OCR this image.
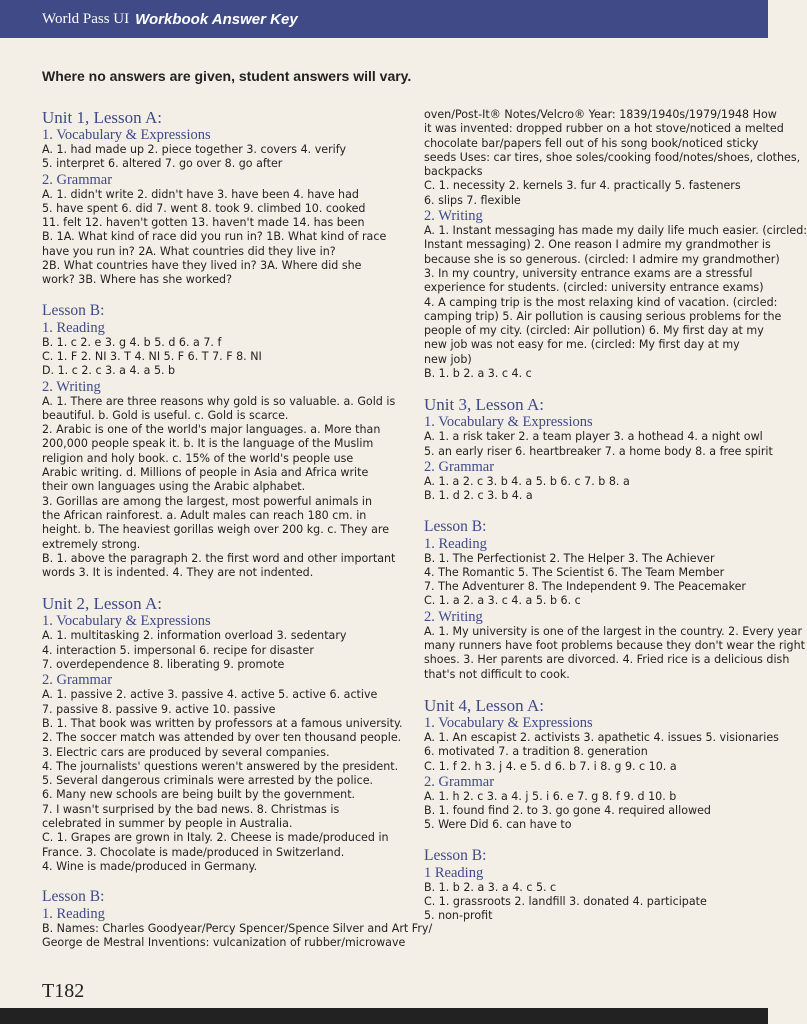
World Pass UI Workbook Answer Key
Where no answers are given, student answers will vary.
Unit 1, Lesson A:
1. Vocabulary & Expressions
A. 1. had made up 2. piece together 3. covers 4. verify
5. interpret 6. altered 7. go over 8. go after
2. Grammar
A. 1. didn't write 2. didn't have 3. have been 4. have had
5. have spent 6. did 7. went 8. took 9. climbed 10. cooked
11. felt 12. haven't gotten 13. haven't made 14. has been
B. 1A. What kind of race did you run in? 1B. What kind of race
have you run in? 2A. What countries did they live in?
2B. What countries have they lived in? 3A. Where did she
work? 3B. Where has she worked?
Lesson B:
1. Reading
B. 1. c 2. e 3. g 4. b 5. d 6. a 7. f
C. 1. F 2. NI 3. T 4. NI 5. F 6. T 7. F 8. NI
D. 1. c 2. c 3. a 4. a 5. b
2. Writing
A. 1. There are three reasons why gold is so valuable. a. Gold is
beautiful. b. Gold is useful. c. Gold is scarce.
2. Arabic is one of the world's major languages. a. More than
200,000 people speak it. b. It is the language of the Muslim
religion and holy book. c. 15% of the world's people use
Arabic writing. d. Millions of people in Asia and Africa write
their own languages using the Arabic alphabet.
3. Gorillas are among the largest, most powerful animals in
the African rainforest. a. Adult males can reach 180 cm. in
height. b. The heaviest gorillas weigh over 200 kg. c. They are
extremely strong.
B. 1. above the paragraph 2. the first word and other important
words 3. It is indented. 4. They are not indented.
Unit 2, Lesson A:
1. Vocabulary & Expressions
A. 1. multitasking 2. information overload 3. sedentary
4. interaction 5. impersonal 6. recipe for disaster
7. overdependence 8. liberating 9. promote
2. Grammar
A. 1. passive 2. active 3. passive 4. active 5. active 6. active
7. passive 8. passive 9. active 10. passive
B. 1. That book was written by professors at a famous university.
2. The soccer match was attended by over ten thousand people.
3. Electric cars are produced by several companies.
4. The journalists' questions weren't answered by the president.
5. Several dangerous criminals were arrested by the police.
6. Many new schools are being built by the government.
7. I wasn't surprised by the bad news. 8. Christmas is
celebrated in summer by people in Australia.
C. 1. Grapes are grown in Italy. 2. Cheese is made/produced in
France. 3. Chocolate is made/produced in Switzerland.
4. Wine is made/produced in Germany.
Lesson B:
1. Reading
B. Names: Charles Goodyear/Percy Spencer/Spence Silver and Art Fry/
George de Mestral Inventions: vulcanization of rubber/microwave
oven/Post-It® Notes/Velcro® Year: 1839/1940s/1979/1948 How
it was invented: dropped rubber on a hot stove/noticed a melted
chocolate bar/papers fell out of his song book/noticed sticky
seeds Uses: car tires, shoe soles/cooking food/notes/shoes, clothes,
backpacks
C. 1. necessity 2. kernels 3. fur 4. practically 5. fasteners
6. slips 7. flexible
2. Writing
A. 1. Instant messaging has made my daily life much easier. (circled:
Instant messaging) 2. One reason I admire my grandmother is
because she is so generous. (circled: I admire my grandmother)
3. In my country, university entrance exams are a stressful
experience for students. (circled: university entrance exams)
4. A camping trip is the most relaxing kind of vacation. (circled:
camping trip) 5. Air pollution is causing serious problems for the
people of my city. (circled: Air pollution) 6. My first day at my
new job was not easy for me. (circled: My first day at my
new job)
B. 1. b 2. a 3. c 4. c
Unit 3, Lesson A:
1. Vocabulary & Expressions
A. 1. a risk taker 2. a team player 3. a hothead 4. a night owl
5. an early riser 6. heartbreaker 7. a home body 8. a free spirit
2. Grammar
A. 1. a 2. c 3. b 4. a 5. b 6. c 7. b 8. a
B. 1. d 2. c 3. b 4. a
Lesson B:
1. Reading
B. 1. The Perfectionist 2. The Helper 3. The Achiever
4. The Romantic 5. The Scientist 6. The Team Member
7. The Adventurer 8. The Independent 9. The Peacemaker
C. 1. a 2. a 3. c 4. a 5. b 6. c
2. Writing
A. 1. My university is one of the largest in the country. 2. Every year
many runners have foot problems because they don't wear the right
shoes. 3. Her parents are divorced. 4. Fried rice is a delicious dish
that's not difficult to cook.
Unit 4, Lesson A:
1. Vocabulary & Expressions
A. 1. An escapist 2. activists 3. apathetic 4. issues 5. visionaries
6. motivated 7. a tradition 8. generation
C. 1. f 2. h 3. j 4. e 5. d 6. b 7. i 8. g 9. c 10. a
2. Grammar
A. 1. h 2. c 3. a 4. j 5. i 6. e 7. g 8. f 9. d 10. b
B. 1. found find 2. to 3. go gone 4. required allowed
5. Were Did 6. can have to
Lesson B:
1 Reading
B. 1. b 2. a 3. a 4. c 5. c
C. 1. grassroots 2. landfill 3. donated 4. participate
5. non-profit
T182
